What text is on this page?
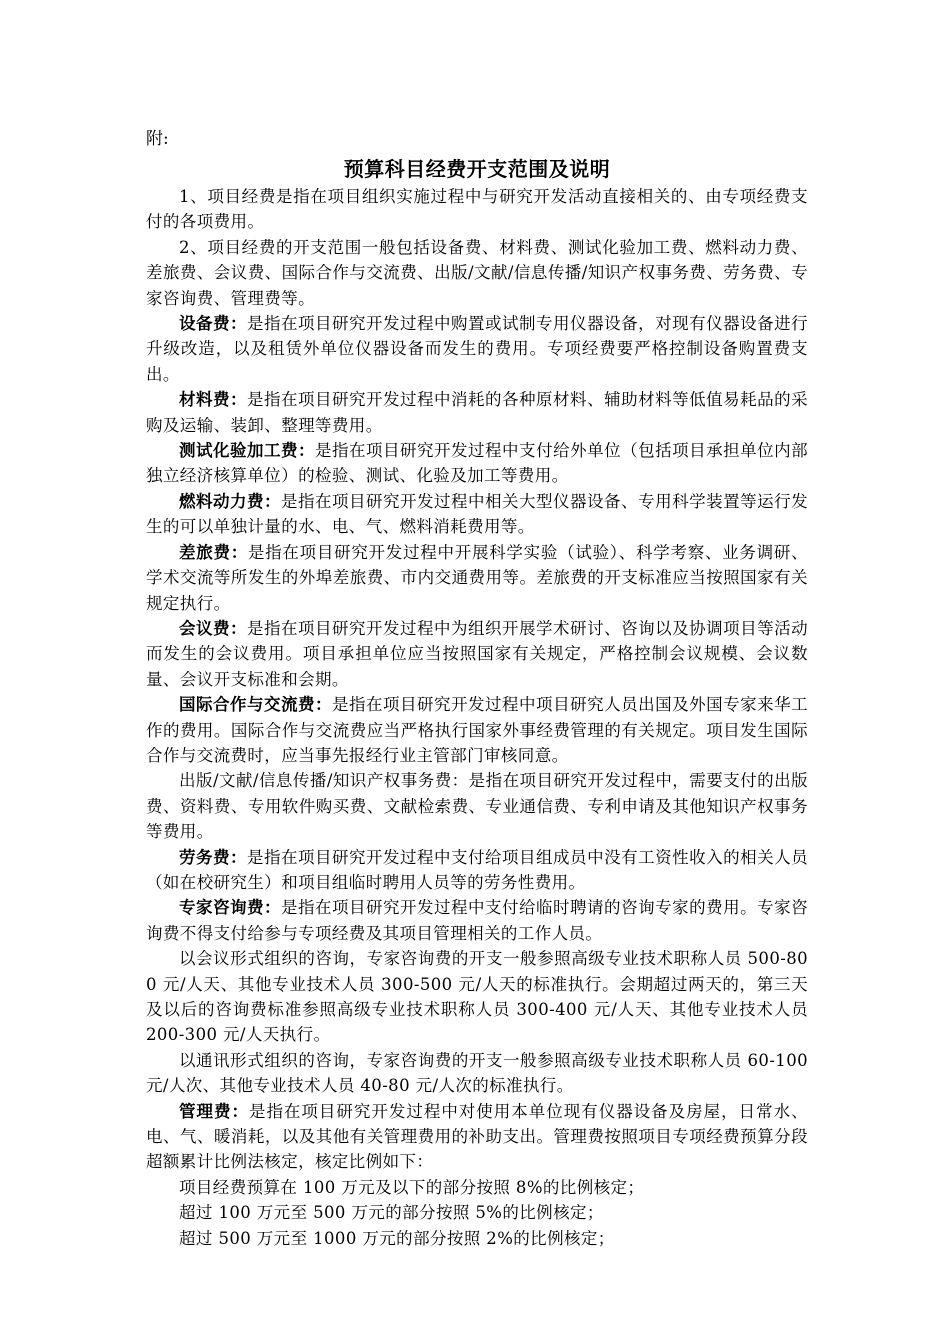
附:

预算科目经费开支范围及说明

1、项目经费是指在项目组织实施过程中与研究开发活动直接相关的、由专项经费支付的各项费用。

2、项目经费的开支范围一般包括设备费、材料费、测试化验加工费、燃料动力费、差旅费、会议费、国际合作与交流费、出版/文献/信息传播/知识产权事务费、劳务费、专家咨询费、管理费等。

设备费：是指在项目研究开发过程中购置或试制专用仪器设备，对现有仪器设备进行升级改造，以及租赁外单位仪器设备而发生的费用。专项经费要严格控制设备购置费支出。

材料费：是指在项目研究开发过程中消耗的各种原材料、辅助材料等低值易耗品的采购及运输、装卸、整理等费用。

测试化验加工费：是指在项目研究开发过程中支付给外单位（包括项目承担单位内部独立经济核算单位）的检验、测试、化验及加工等费用。

燃料动力费：是指在项目研究开发过程中相关大型仪器设备、专用科学装置等运行发生的可以单独计量的水、电、气、燃料消耗费用等。

差旅费：是指在项目研究开发过程中开展科学实验（试验）、科学考察、业务调研、学术交流等所发生的外埠差旅费、市内交通费用等。差旅费的开支标准应当按照国家有关规定执行。

会议费：是指在项目研究开发过程中为组织开展学术研讨、咨询以及协调项目等活动而发生的会议费用。项目承担单位应当按照国家有关规定，严格控制会议规模、会议数量、会议开支标准和会期。

国际合作与交流费：是指在项目研究开发过程中项目研究人员出国及外国专家来华工作的费用。国际合作与交流费应当严格执行国家外事经费管理的有关规定。项目发生国际合作与交流费时，应当事先报经行业主管部门审核同意。

出版/文献/信息传播/知识产权事务费：是指在项目研究开发过程中，需要支付的出版费、资料费、专用软件购买费、文献检索费、专业通信费、专利申请及其他知识产权事务等费用。

劳务费：是指在项目研究开发过程中支付给项目组成员中没有工资性收入的相关人员（如在校研究生）和项目组临时聘用人员等的劳务性费用。

专家咨询费：是指在项目研究开发过程中支付给临时聘请的咨询专家的费用。专家咨询费不得支付给参与专项经费及其项目管理相关的工作人员。

以会议形式组织的咨询，专家咨询费的开支一般参照高级专业技术职称人员 500-800 元/人天、其他专业技术人员 300-500 元/人天的标准执行。会期超过两天的，第三天及以后的咨询费标准参照高级专业技术职称人员 300-400 元/人天、其他专业技术人员 200-300 元/人天执行。

以通讯形式组织的咨询，专家咨询费的开支一般参照高级专业技术职称人员 60-100 元/人次、其他专业技术人员 40-80 元/人次的标准执行。

管理费：是指在项目研究开发过程中对使用本单位现有仪器设备及房屋，日常水、电、气、暖消耗，以及其他有关管理费用的补助支出。管理费按照项目专项经费预算分段超额累计比例法核定，核定比例如下：

项目经费预算在 100 万元及以下的部分按照 8%的比例核定；

超过 100 万元至 500 万元的部分按照 5%的比例核定；

超过 500 万元至 1000 万元的部分按照 2%的比例核定；
